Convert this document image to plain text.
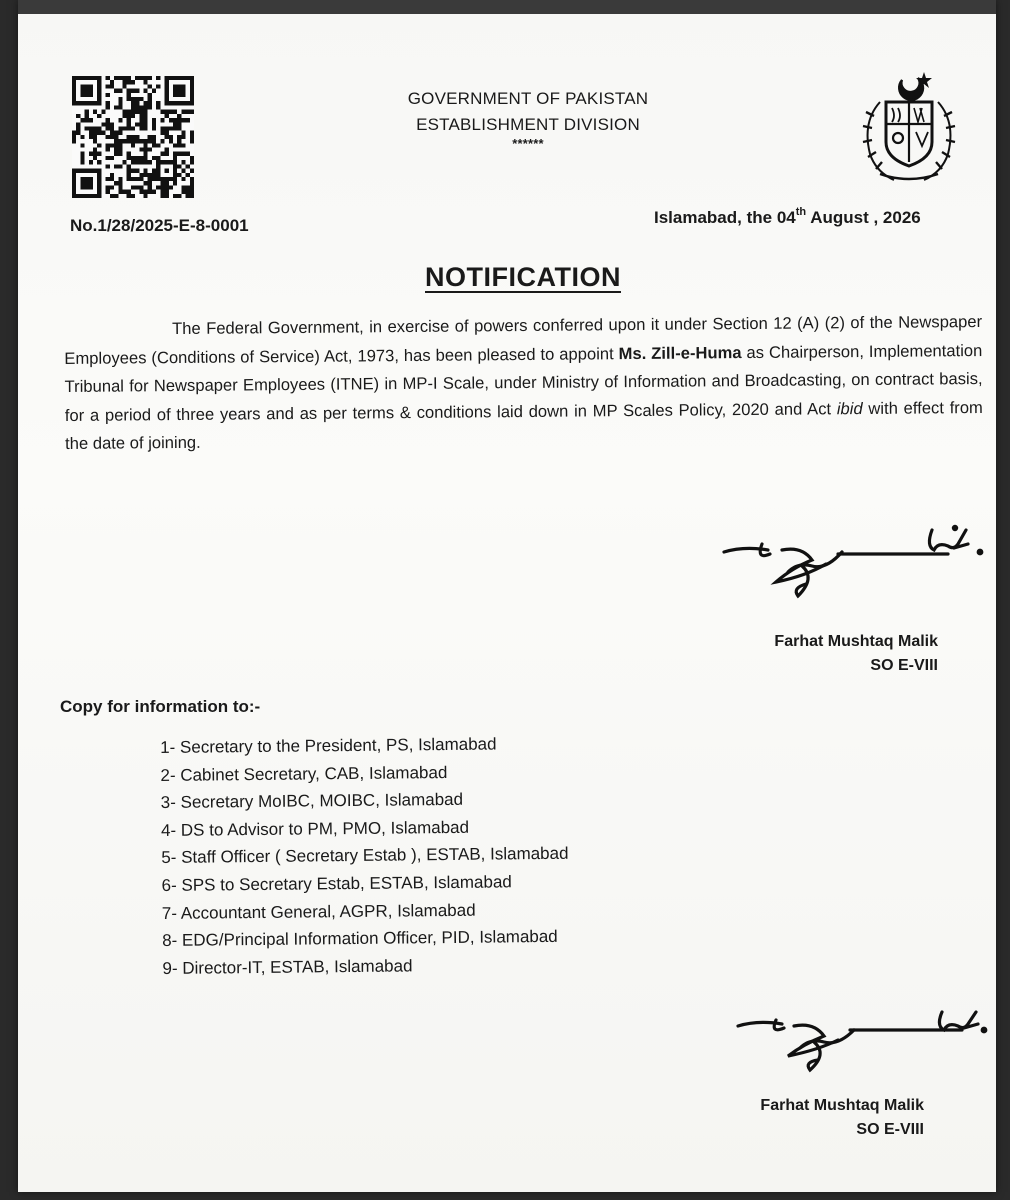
GOVERNMENT OF PAKISTAN
ESTABLISHMENT DIVISION
******
No.1/28/2025-E-8-0001	Islamabad, the 04th August , 2026
NOTIFICATION

The Federal Government, in exercise of powers conferred upon it under Section 12 (A) (2) of the Newspaper Employees (Conditions of Service) Act, 1973, has been pleased to appoint Ms. Zill-e-Huma as Chairperson, Implementation Tribunal for Newspaper Employees (ITNE) in MP-I Scale, under Ministry of Information and Broadcasting, on contract basis, for a period of three years and as per terms & conditions laid down in MP Scales Policy, 2020 and Act ibid with effect from the date of joining.

Farhat Mushtaq Malik
SO E-VIII
Copy for information to:-
1- Secretary to the President, PS, Islamabad
2- Cabinet Secretary, CAB, Islamabad
3- Secretary MoIBC, MOIBC, Islamabad
4- DS to Advisor to PM, PMO, Islamabad
5- Staff Officer ( Secretary Estab ), ESTAB, Islamabad
6- SPS to Secretary Estab, ESTAB, Islamabad
7- Accountant General, AGPR, Islamabad
8- EDG/Principal Information Officer, PID, Islamabad
9- Director-IT, ESTAB, Islamabad
Farhat Mushtaq Malik
SO E-VIII
